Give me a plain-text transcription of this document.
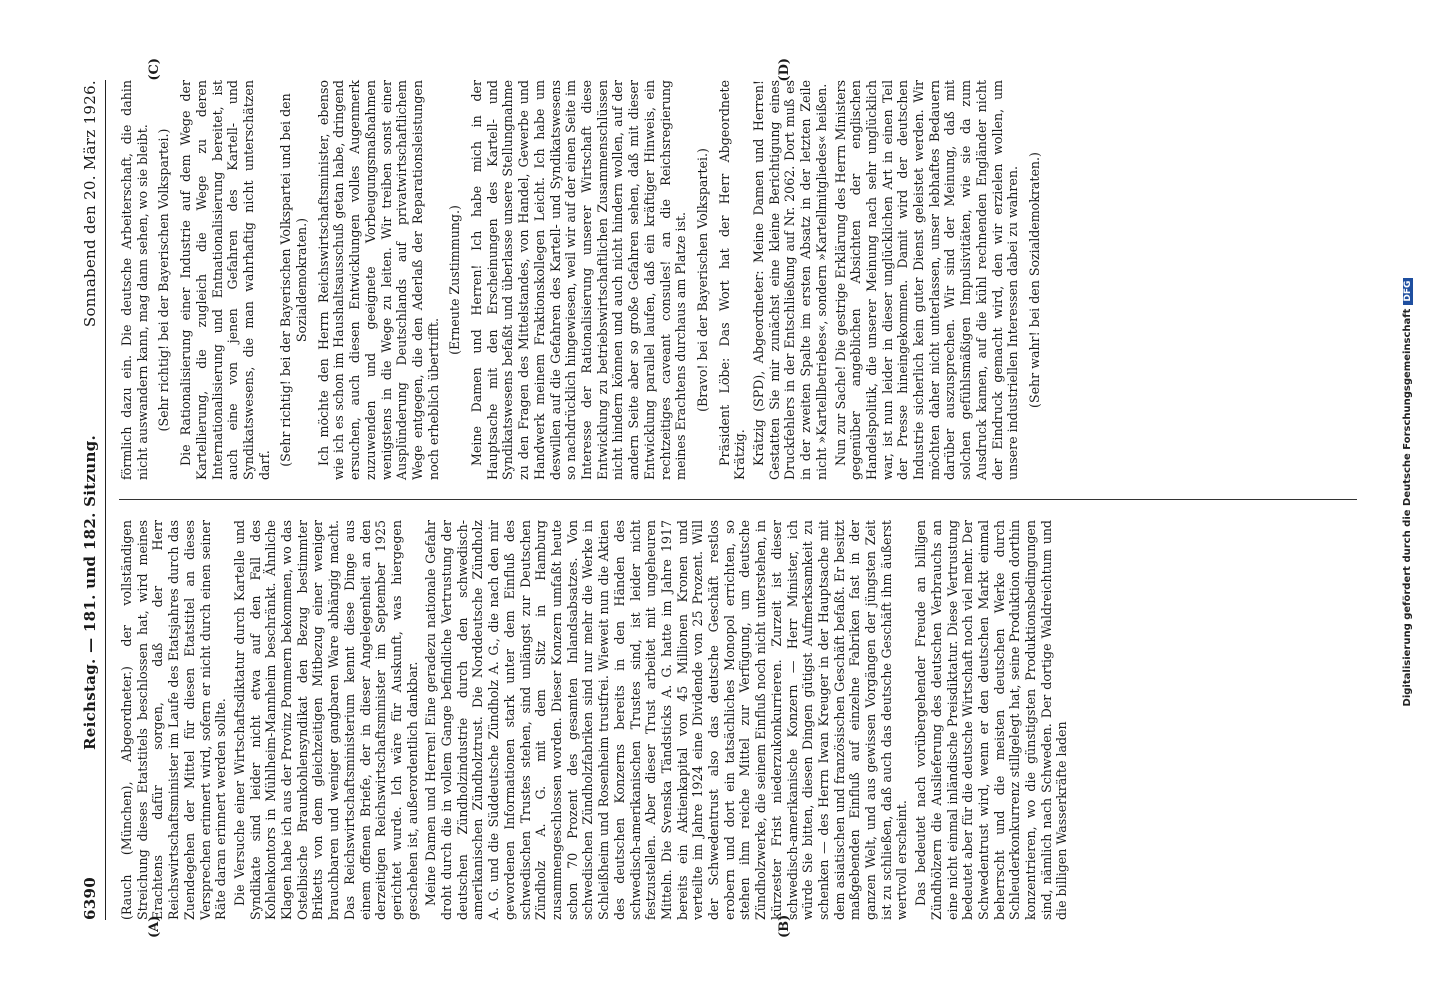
6390
Reichstag. — 181. und 182. Sitzung.
Sonnabend den 20. März 1926.

(Rauch (München), Abgeordneter.) der vollständigen Streichung dieses Etatstitels beschlossen hat, wird meines Erachtens dafür sorgen, daß der Herr Reichswirtschaftsminister im Laufe des Etatsjahres durch das Zuendegehen der Mittel für diesen Etatstitel an dieses Versprechen erinnert wird, sofern er nicht durch einen seiner Räte daran erinnert werden sollte. Die Versuche einer Wirtschaftsdiktatur durch Kartelle und Syndikate sind leider nicht etwa auf den Fall des Kohlenkontors in Mühlheim-Mannheim beschränkt. Ähnliche Klagen habe ich aus der Provinz Pommern bekommen, wo das Ostelbische Braunkohlensyndikat den Bezug bestimmter Briketts von dem gleichzeitigen Mitbezug einer weniger brauchbaren und weniger gangbaren Ware abhängig macht. Das Reichswirtschaftsministerium kennt diese Dinge aus einem offenen Briefe, der in dieser Angelegenheit an den derzeitigen Reichswirtschaftsminister im September 1925 gerichtet wurde. Ich wäre für Auskunft, was hiergegen geschehen ist, außerordentlich dankbar. Meine Damen und Herren! Eine geradezu nationale Gefahr droht durch die in vollem Gange befindliche Vertrustung der deutschen Zündholzindustrie durch den schwedisch-amerikanischen Zündholztrust. Die Norddeutsche Zündholz A. G. und die Süddeutsche Zündholz A. G., die nach den mir gewordenen Informationen stark unter dem Einfluß des schwedischen Trustes stehen, sind unlängst zur Deutschen Zündholz A. G. mit dem Sitz in Hamburg zusammengeschlossen worden. Dieser Konzern umfaßt heute schon 70 Prozent des gesamten Inlandsabsatzes. Von schwedischen Zündholzfabriken sind nur mehr die Werke in Schleißheim und Rosenheim trustfrei. Wieweit nun die Aktien des deutschen Konzerns bereits in den Händen des schwedisch-amerikanischen Trustes sind, ist leider nicht festzustellen. Aber dieser Trust arbeitet mit ungeheuren Mitteln. Die Svenska Tändsticks A. G. hatte im Jahre 1917 bereits ein Aktienkapital von 45 Millionen Kronen und verteilte im Jahre 1924 eine Dividende von 25 Prozent. Will der Schwedentrust also das deutsche Geschäft restlos erobern und dort ein tatsächliches Monopol errichten, so stehen ihm reiche Mittel zur Verfügung, um deutsche Zündholzwerke, die seinem Einfluß noch nicht unterstehen, in kürzester Frist niederzukonkurrieren. Zurzeit ist dieser schwedisch-amerikanische Konzern — Herr Minister, ich würde Sie bitten, diesen Dingen gütigst Aufmerksamkeit zu schenken — des Herrn Iwan Kreuger in der Hauptsache mit dem asiatischen und französischen Geschäft befaßt. Er besitzt maßgebenden Einfluß auf einzelne Fabriken fast in der ganzen Welt, und aus gewissen Vorgängen der jüngsten Zeit ist zu schließen, daß auch das deutsche Geschäft ihm äußerst wertvoll erscheint. Das bedeutet nach vorübergehender Freude an billigen Zündhölzern die Auslieferung des deutschen Verbrauchs an eine nicht einmal inländische Preisdiktatur. Diese Vertrustung bedeutet aber für die deutsche Wirtschaft noch viel mehr. Der Schwedentrust wird, wenn er den deutschen Markt einmal beherrscht und die meisten deutschen Werke durch Schleuderkonkurrenz stillgelegt hat, seine Produktion dorthin konzentrieren, wo die günstigsten Produktionsbedingungen sind, nämlich nach Schweden. Der dortige Waldreichtum und die billigen Wasserkräfte laden

förmlich dazu ein. Die deutsche Arbeiterschaft, die dahin nicht auswandern kann, mag dann sehen, wo sie bleibt. (Sehr richtig! bei der Bayerischen Volkspartei.) Die Rationalisierung einer Industrie auf dem Wege der Kartellierung, die zugleich die Wege zu deren Internationalisierung und Entnationalisierung bereitet, ist auch eine von jenen Gefahren des Kartell- und Syndikatswesens, die man wahrhaftig nicht unterschätzen darf. (Sehr richtig! bei der Bayerischen Volkspartei und bei den Sozialdemokraten.) Ich möchte den Herrn Reichswirtschaftsminister, ebenso wie ich es schon im Haushaltsausschuß getan habe, dringend ersuchen, auch diesen Entwicklungen volles Augenmerk zuzuwenden und geeignete Vorbeugungsmaßnahmen wenigstens in die Wege zu leiten. Wir treiben sonst einer Ausplünderung Deutschlands auf privatwirtschaftlichem Wege entgegen, die den Aderlaß der Reparationsleistungen noch erheblich übertrifft.

(Erneute Zustimmung.) Meine Damen und Herren! Ich habe mich in der Hauptsache mit den Erscheinungen des Kartell- und Syndikatswesens befaßt und überlasse unsere Stellungnahme zu den Fragen des Mittelstandes, von Handel, Gewerbe und Handwerk meinem Fraktionskollegen Leicht. Ich habe um deswillen auf die Gefahren des Kartell- und Syndikatswesens so nachdrücklich hingewiesen, weil wir auf der einen Seite im Interesse der Rationalisierung unserer Wirtschaft diese Entwicklung zu betriebswirtschaftlichen Zusammenschlüssen nicht hindern können und auch nicht hindern wollen, auf der andern Seite aber so große Gefahren sehen, daß mit dieser Entwicklung parallel laufen, daß ein kräftiger Hinweis, ein rechtzeitiges caveant consules! an die Reichsregierung meines Erachtens durchaus am Platze ist. (Bravo! bei der Bayerischen Volkspartei.) Präsident Löbe: Das Wort hat der Herr Abgeordnete Krätzig. Krätzig (SPD), Abgeordneter: Meine Damen und Herren! Gestatten Sie mir zunächst eine kleine Berichtigung eines Druckfehlers in der Entschließung auf Nr. 2062. Dort muß es in der zweiten Spalte im ersten Absatz in der letzten Zeile nicht »Kartellbetriebes«, sondern »Kartellmitgliedes« heißen. Nun zur Sache! Die gestrige Erklärung des Herrn Ministers gegenüber angeblichen Absichten der englischen Handelspolitik, die unserer Meinung nach sehr unglücklich war, ist nun leider in dieser unglücklichen Art in einen Teil der Presse hineingekommen. Damit wird der deutschen Industrie sicherlich kein guter Dienst geleistet werden. Wir möchten daher nicht unterlassen, unser lebhaftes Bedauern darüber auszusprechen. Wir sind der Meinung, daß mit solchen gefühlsmäßigen Impulsivitäten, wie sie da zum Ausdruck kamen, auf die kühl rechnenden Engländer nicht der Eindruck gemacht wird, den wir erzielen wollen, um unsere industriellen Interessen dabei zu wahren. (Sehr wahr! bei den Sozialdemokraten.)

(A)	(B)
(C)	(D)
Digitalisierung gefördert durch die Deutsche ForschungsgemeinschaftDFG
